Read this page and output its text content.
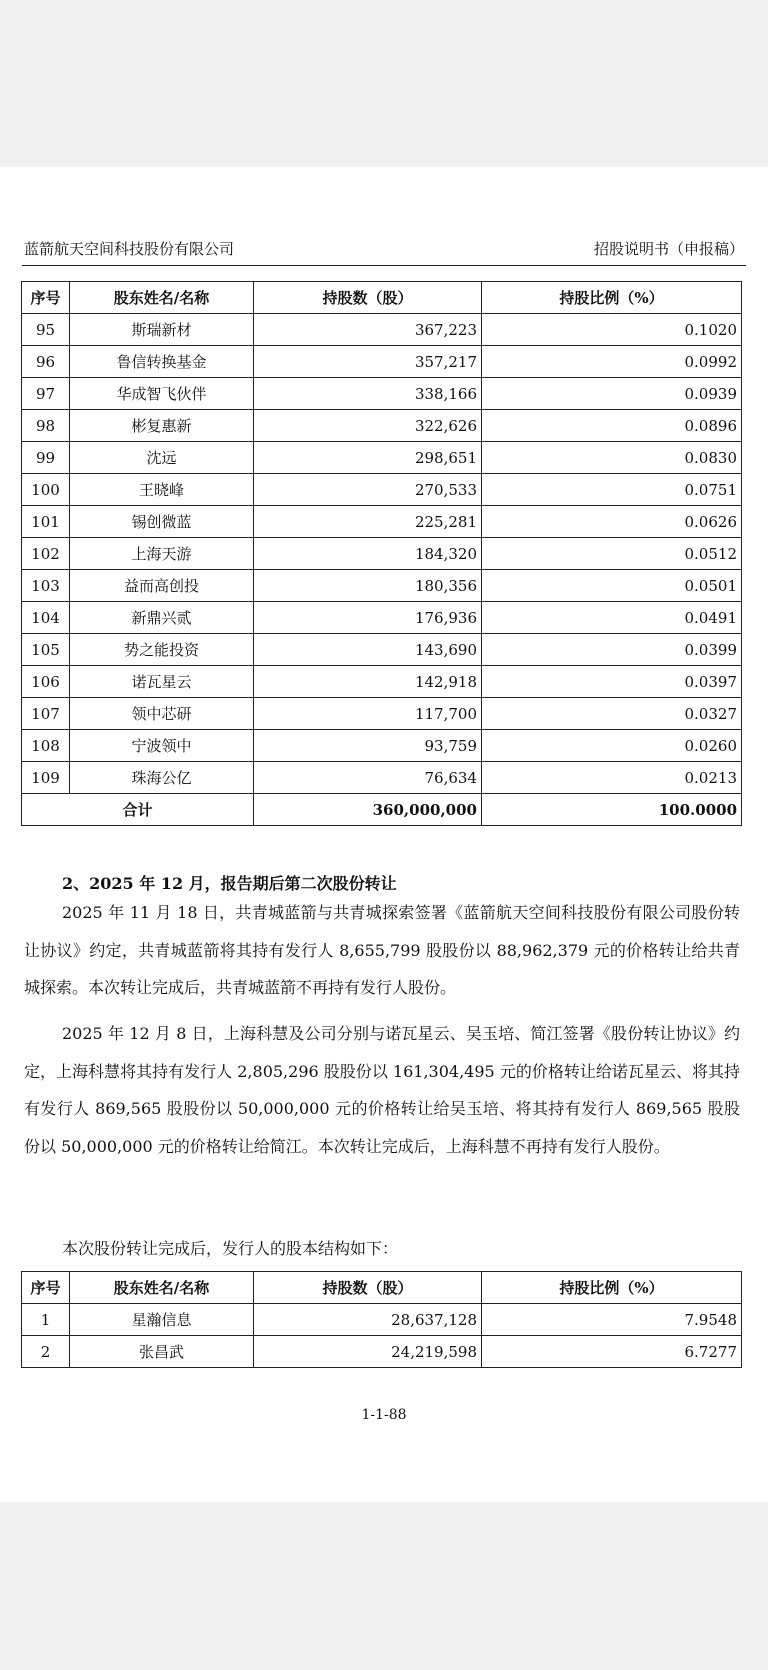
蓝箭航天空间科技股份有限公司	招股说明书（申报稿）
序号	股东姓名/名称	持股数（股）	持股比例（%）
95	斯瑞新材	367,223	0.1020
96	鲁信转换基金	357,217	0.0992
97	华成智飞伙伴	338,166	0.0939
98	彬复惠新	322,626	0.0896
99	沈远	298,651	0.0830
100	王晓峰	270,533	0.0751
101	锡创微蓝	225,281	0.0626
102	上海天游	184,320	0.0512
103	益而高创投	180,356	0.0501
104	新鼎兴贰	176,936	0.0491
105	势之能投资	143,690	0.0399
106	诺瓦星云	142,918	0.0397
107	领中芯研	117,700	0.0327
108	宁波领中	93,759	0.0260
109	珠海公亿	76,634	0.0213
合计		360,000,000	100.0000
2、2025 年 12 月，报告期后第二次股份转让

2025 年 11 月 18 日，共青城蓝箭与共青城探索签署《蓝箭航天空间科技股份有限公司股份转让协议》约定，共青城蓝箭将其持有发行人 8,655,799 股股份以 88,962,379 元的价格转让给共青城探索。本次转让完成后，共青城蓝箭不再持有发行人股份。

2025 年 12 月 8 日，上海科慧及公司分别与诺瓦星云、吴玉培、简江签署《股份转让协议》约定，上海科慧将其持有发行人 2,805,296 股股份以 161,304,495 元的价格转让给诺瓦星云、将其持有发行人 869,565 股股份以 50,000,000 元的价格转让给吴玉培、将其持有发行人 869,565 股股份以 50,000,000 元的价格转让给简江。本次转让完成后，上海科慧不再持有发行人股份。

本次股份转让完成后，发行人的股本结构如下：

序号	股东姓名/名称	持股数（股）	持股比例（%）
1	星瀚信息	28,637,128	7.9548
2	张昌武	24,219,598	6.7277
1-1-88
